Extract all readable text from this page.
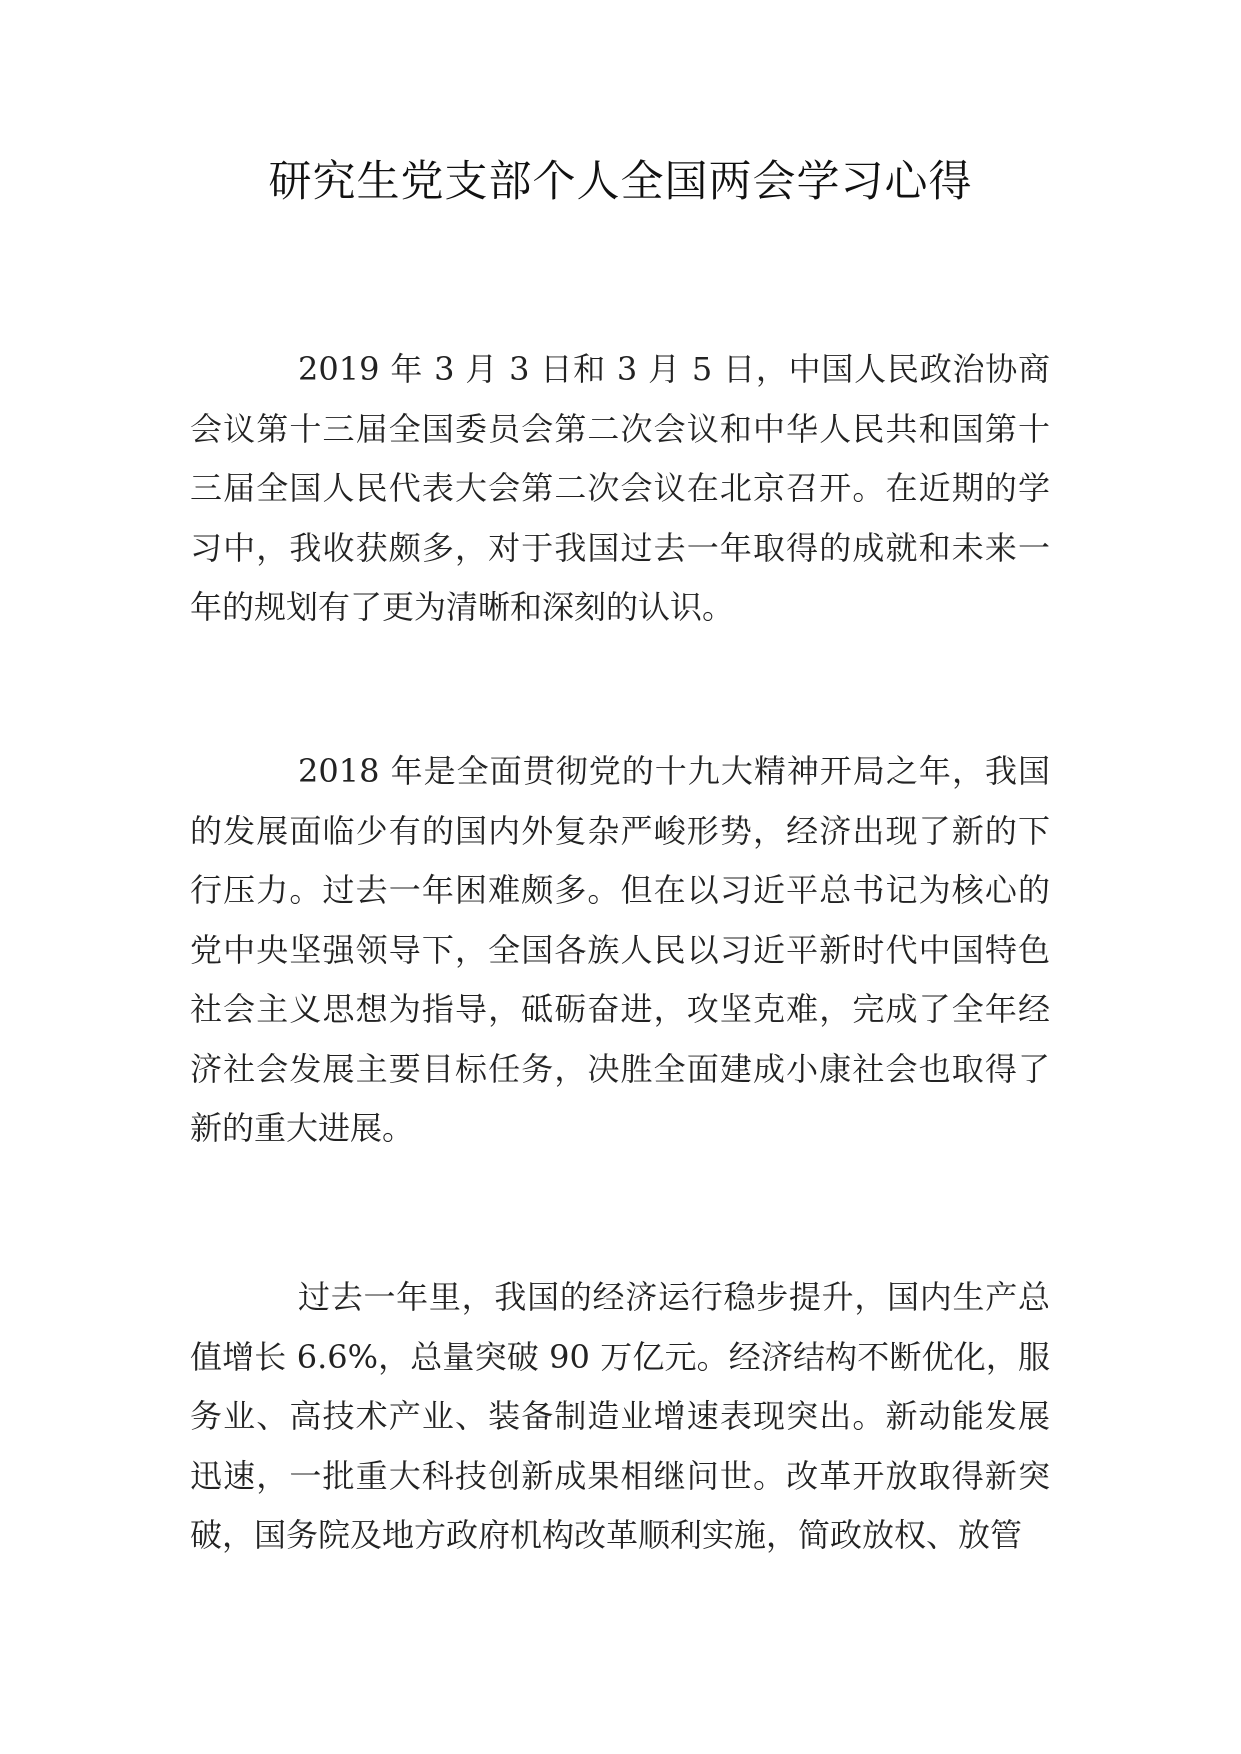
研究生党支部个人全国两会学习心得

2019 年 3 月 3 日和 3 月 5 日，中国人民政治协商会议第十三届全国委员会第二次会议和中华人民共和国第十三届全国人民代表大会第二次会议在北京召开。在近期的学习中，我收获颇多，对于我国过去一年取得的成就和未来一年的规划有了更为清晰和深刻的认识。

2018 年是全面贯彻党的十九大精神开局之年，我国的发展面临少有的国内外复杂严峻形势，经济出现了新的下行压力。过去一年困难颇多。但在以习近平总书记为核心的党中央坚强领导下，全国各族人民以习近平新时代中国特色社会主义思想为指导，砥砺奋进，攻坚克难，完成了全年经济社会发展主要目标任务，决胜全面建成小康社会也取得了新的重大进展。

过去一年里，我国的经济运行稳步提升，国内生产总值增长 6.6%，总量突破 90 万亿元。经济结构不断优化，服务业、高技术产业、装备制造业增速表现突出。新动能发展迅速，一批重大科技创新成果相继问世。改革开放取得新突破，国务院及地方政府机构改革顺利实施，简政放权、放管
